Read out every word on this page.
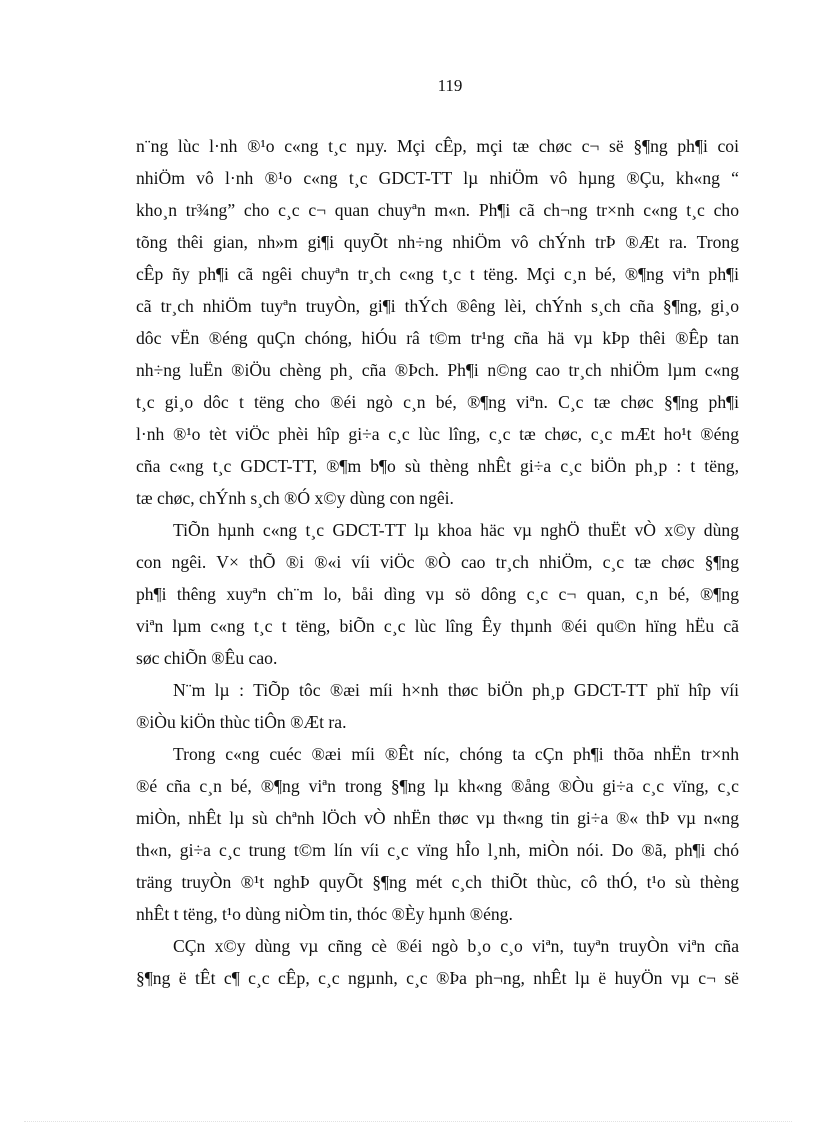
119
n¨ng lùc l·nh ®¹o c«ng t¸c nµy. Mçi cÊp, mçi tæ chøc c¬ së §¶ng ph¶i coi
nhiÖm vô l·nh ®¹o c«ng t¸c GDCT-TT lµ nhiÖm vô hµng ®Çu, kh«ng “
kho¸n tr¾ng” cho c¸c c¬ quan chuyªn m«n. Ph¶i cã ch¬ng tr×nh c«ng t¸c cho
tõng thêi gian, nh»m gi¶i quyÕt nh÷ng nhiÖm vô chÝnh trÞ ®Æt ra. Trong
cÊp ñy ph¶i cã ngêi chuyªn tr¸ch c«ng t¸c t tëng. Mçi c¸n bé, ®¶ng viªn ph¶i
cã tr¸ch nhiÖm tuyªn truyÒn, gi¶i thÝch ®êng lèi, chÝnh s¸ch cña §¶ng, gi¸o
dôc vËn ®éng quÇn chóng, hiÓu râ t©m tr¹ng cña hä vµ kÞp thêi ®Êp tan
nh÷ng luËn ®iÖu chèng ph¸ cña ®Þch. Ph¶i n©ng cao tr¸ch nhiÖm lµm c«ng
t¸c gi¸o dôc t tëng cho ®éi ngò c¸n bé, ®¶ng viªn. C¸c tæ chøc §¶ng ph¶i
l·nh ®¹o tèt viÖc phèi hîp gi÷a c¸c lùc lîng, c¸c tæ chøc, c¸c mÆt ho¹t ®éng
cña c«ng t¸c GDCT-TT, ®¶m b¶o sù thèng nhÊt gi÷a c¸c biÖn ph¸p : t tëng,
tæ chøc, chÝnh s¸ch ®Ó x©y dùng con ngêi.
TiÕn hµnh c«ng t¸c GDCT-TT lµ khoa häc vµ nghÖ thuËt vÒ x©y dùng
con ngêi. V× thÕ ®i ®«i víi viÖc ®Ò cao tr¸ch nhiÖm, c¸c tæ chøc §¶ng
ph¶i thêng xuyªn ch¨m lo, båi dìng vµ sö dông c¸c c¬ quan, c¸n bé, ®¶ng
viªn lµm c«ng t¸c t tëng, biÕn c¸c lùc lîng Êy thµnh ®éi qu©n hïng hËu cã
søc chiÕn ®Êu cao.
N¨m lµ : TiÕp tôc ®æi míi h×nh thøc biÖn ph¸p GDCT-TT phï hîp víi
®iÒu kiÖn thùc tiÔn ®Æt ra.
Trong c«ng cuéc ®æi míi ®Êt níc, chóng ta cÇn ph¶i thõa nhËn tr×nh
®é cña c¸n bé, ®¶ng viªn trong §¶ng lµ kh«ng ®ång ®Òu gi÷a c¸c vïng, c¸c
miÒn, nhÊt lµ sù chªnh lÖch vÒ nhËn thøc vµ th«ng tin gi÷a ®« thÞ vµ n«ng
th«n, gi÷a c¸c trung t©m lín víi c¸c vïng hÎo l¸nh, miÒn nói. Do ®ã, ph¶i chó
träng truyÒn ®¹t nghÞ quyÕt §¶ng mét c¸ch thiÕt thùc, cô thÓ, t¹o sù thèng
nhÊt t tëng, t¹o dùng niÒm tin, thóc ®Èy hµnh ®éng.
CÇn x©y dùng vµ cñng cè ®éi ngò b¸o c¸o viªn, tuyªn truyÒn viªn cña
§¶ng ë tÊt c¶ c¸c cÊp, c¸c ngµnh, c¸c ®Þa ph¬ng, nhÊt lµ ë huyÖn vµ c¬ së
